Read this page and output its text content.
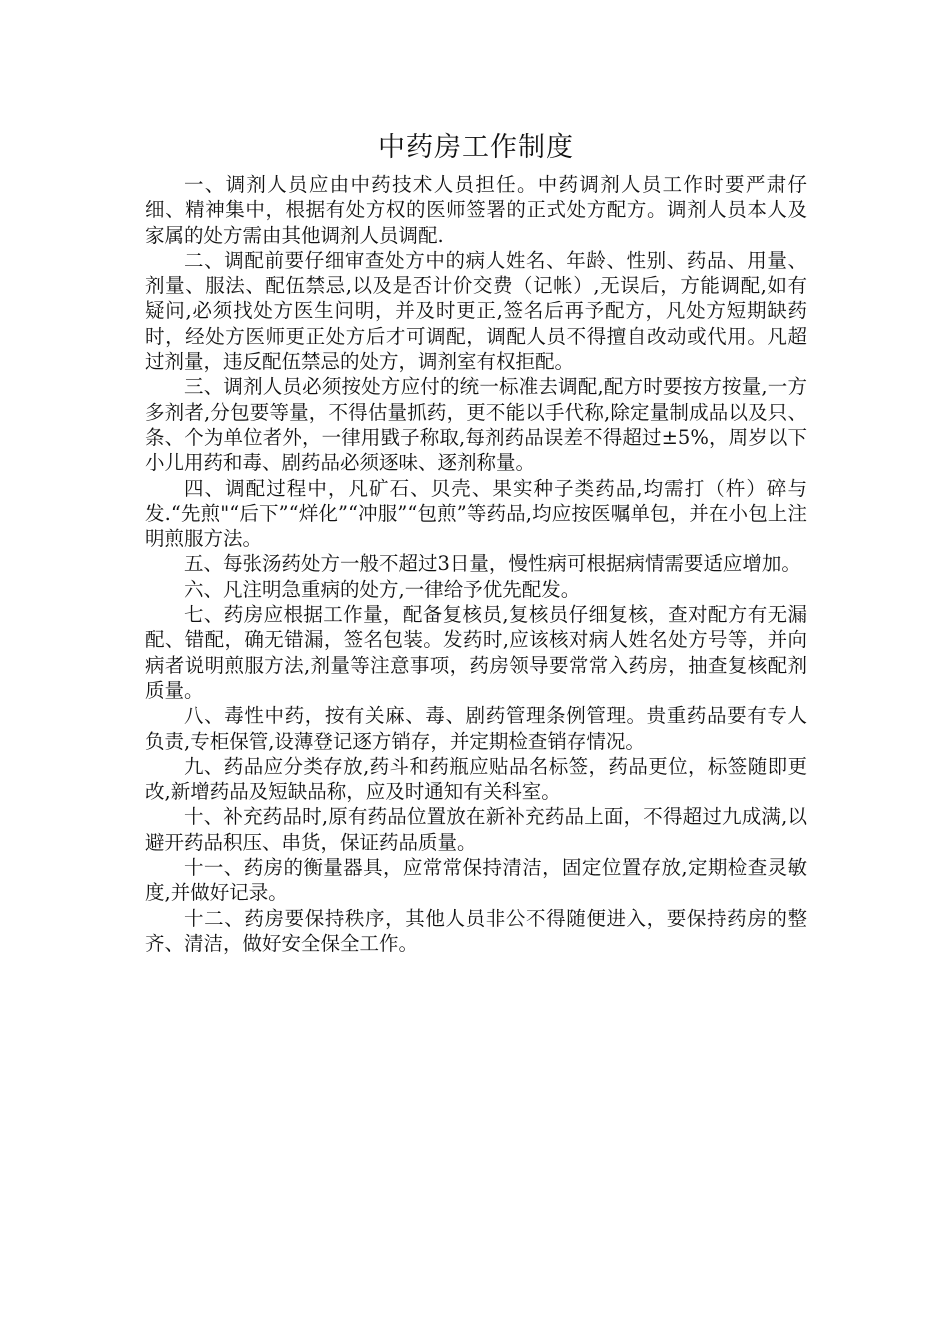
中药房工作制度

一、调剂人员应由中药技术人员担任。中药调剂人员工作时要严肃仔细、精神集中，根据有处方权的医师签署的正式处方配方。调剂人员本人及家属的处方需由其他调剂人员调配.

二、调配前要仔细审查处方中的病人姓名、年龄、性别、药品、用量、剂量、服法、配伍禁忌,以及是否计价交费（记帐）,无误后，方能调配,如有疑问,必须找处方医生问明，并及时更正,签名后再予配方，凡处方短期缺药时，经处方医师更正处方后才可调配，调配人员不得擅自改动或代用。凡超过剂量，违反配伍禁忌的处方，调剂室有权拒配。

三、调剂人员必须按处方应付的统一标准去调配,配方时要按方按量,一方多剂者,分包要等量，不得估量抓药，更不能以手代称,除定量制成品以及只、条、个为单位者外，一律用戥子称取,每剂药品误差不得超过±5%，周岁以下小儿用药和毒、剧药品必须逐味、逐剂称量。

四、调配过程中，凡矿石、贝壳、果实种子类药品,均需打（杵）碎与发.“先煎"“后下”“烊化”“冲服”“包煎”等药品,均应按医嘱单包，并在小包上注明煎服方法。

五、每张汤药处方一般不超过3日量，慢性病可根据病情需要适应增加。

六、凡注明急重病的处方,一律给予优先配发。

七、药房应根据工作量，配备复核员,复核员仔细复核，查对配方有无漏配、错配，确无错漏，签名包装。发药时,应该核对病人姓名处方号等，并向病者说明煎服方法,剂量等注意事项，药房领导要常常入药房，抽查复核配剂质量。

八、毒性中药，按有关麻、毒、剧药管理条例管理。贵重药品要有专人负责,专柜保管,设薄登记逐方销存，并定期检查销存情况。

九、药品应分类存放,药斗和药瓶应贴品名标签，药品更位，标签随即更改,新增药品及短缺品称，应及时通知有关科室。

十、补充药品时,原有药品位置放在新补充药品上面，不得超过九成满,以避开药品积压、串货，保证药品质量。

十一、药房的衡量器具，应常常保持清洁，固定位置存放,定期检查灵敏度,并做好记录。

十二、药房要保持秩序，其他人员非公不得随便进入，要保持药房的整齐、清洁，做好安全保全工作。
